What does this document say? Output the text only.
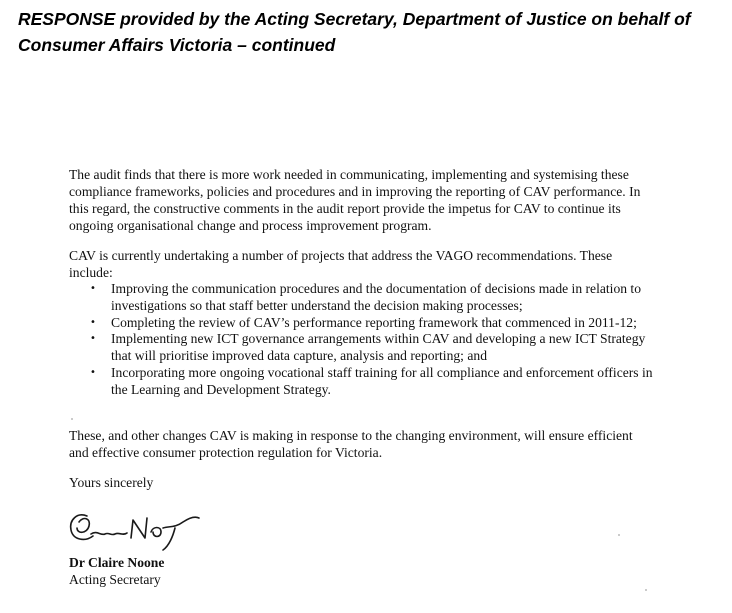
RESPONSE provided by the Acting Secretary, Department of Justice on behalf of Consumer Affairs Victoria – continued

The audit finds that there is more work needed in communicating, implementing and systemising these compliance frameworks, policies and procedures and in improving the reporting of CAV performance. In this regard, the constructive comments in the audit report provide the impetus for CAV to continue its ongoing organisational change and process improvement program.

CAV is currently undertaking a number of projects that address the VAGO recommendations. These include:

•	Improving the communication procedures and the documentation of decisions made in relation to investigations so that staff better understand the decision making processes;
•	Completing the review of CAV’s performance reporting framework that commenced in 2011-12;
•	Implementing new ICT governance arrangements within CAV and developing a new ICT Strategy that will prioritise improved data capture, analysis and reporting; and
•	Incorporating more ongoing vocational staff training for all compliance and enforcement officers in the Learning and Development Strategy.

These, and other changes CAV is making in response to the changing environment, will ensure efficient and effective consumer protection regulation for Victoria.

Yours sincerely

Dr Claire Noone

Acting Secretary
